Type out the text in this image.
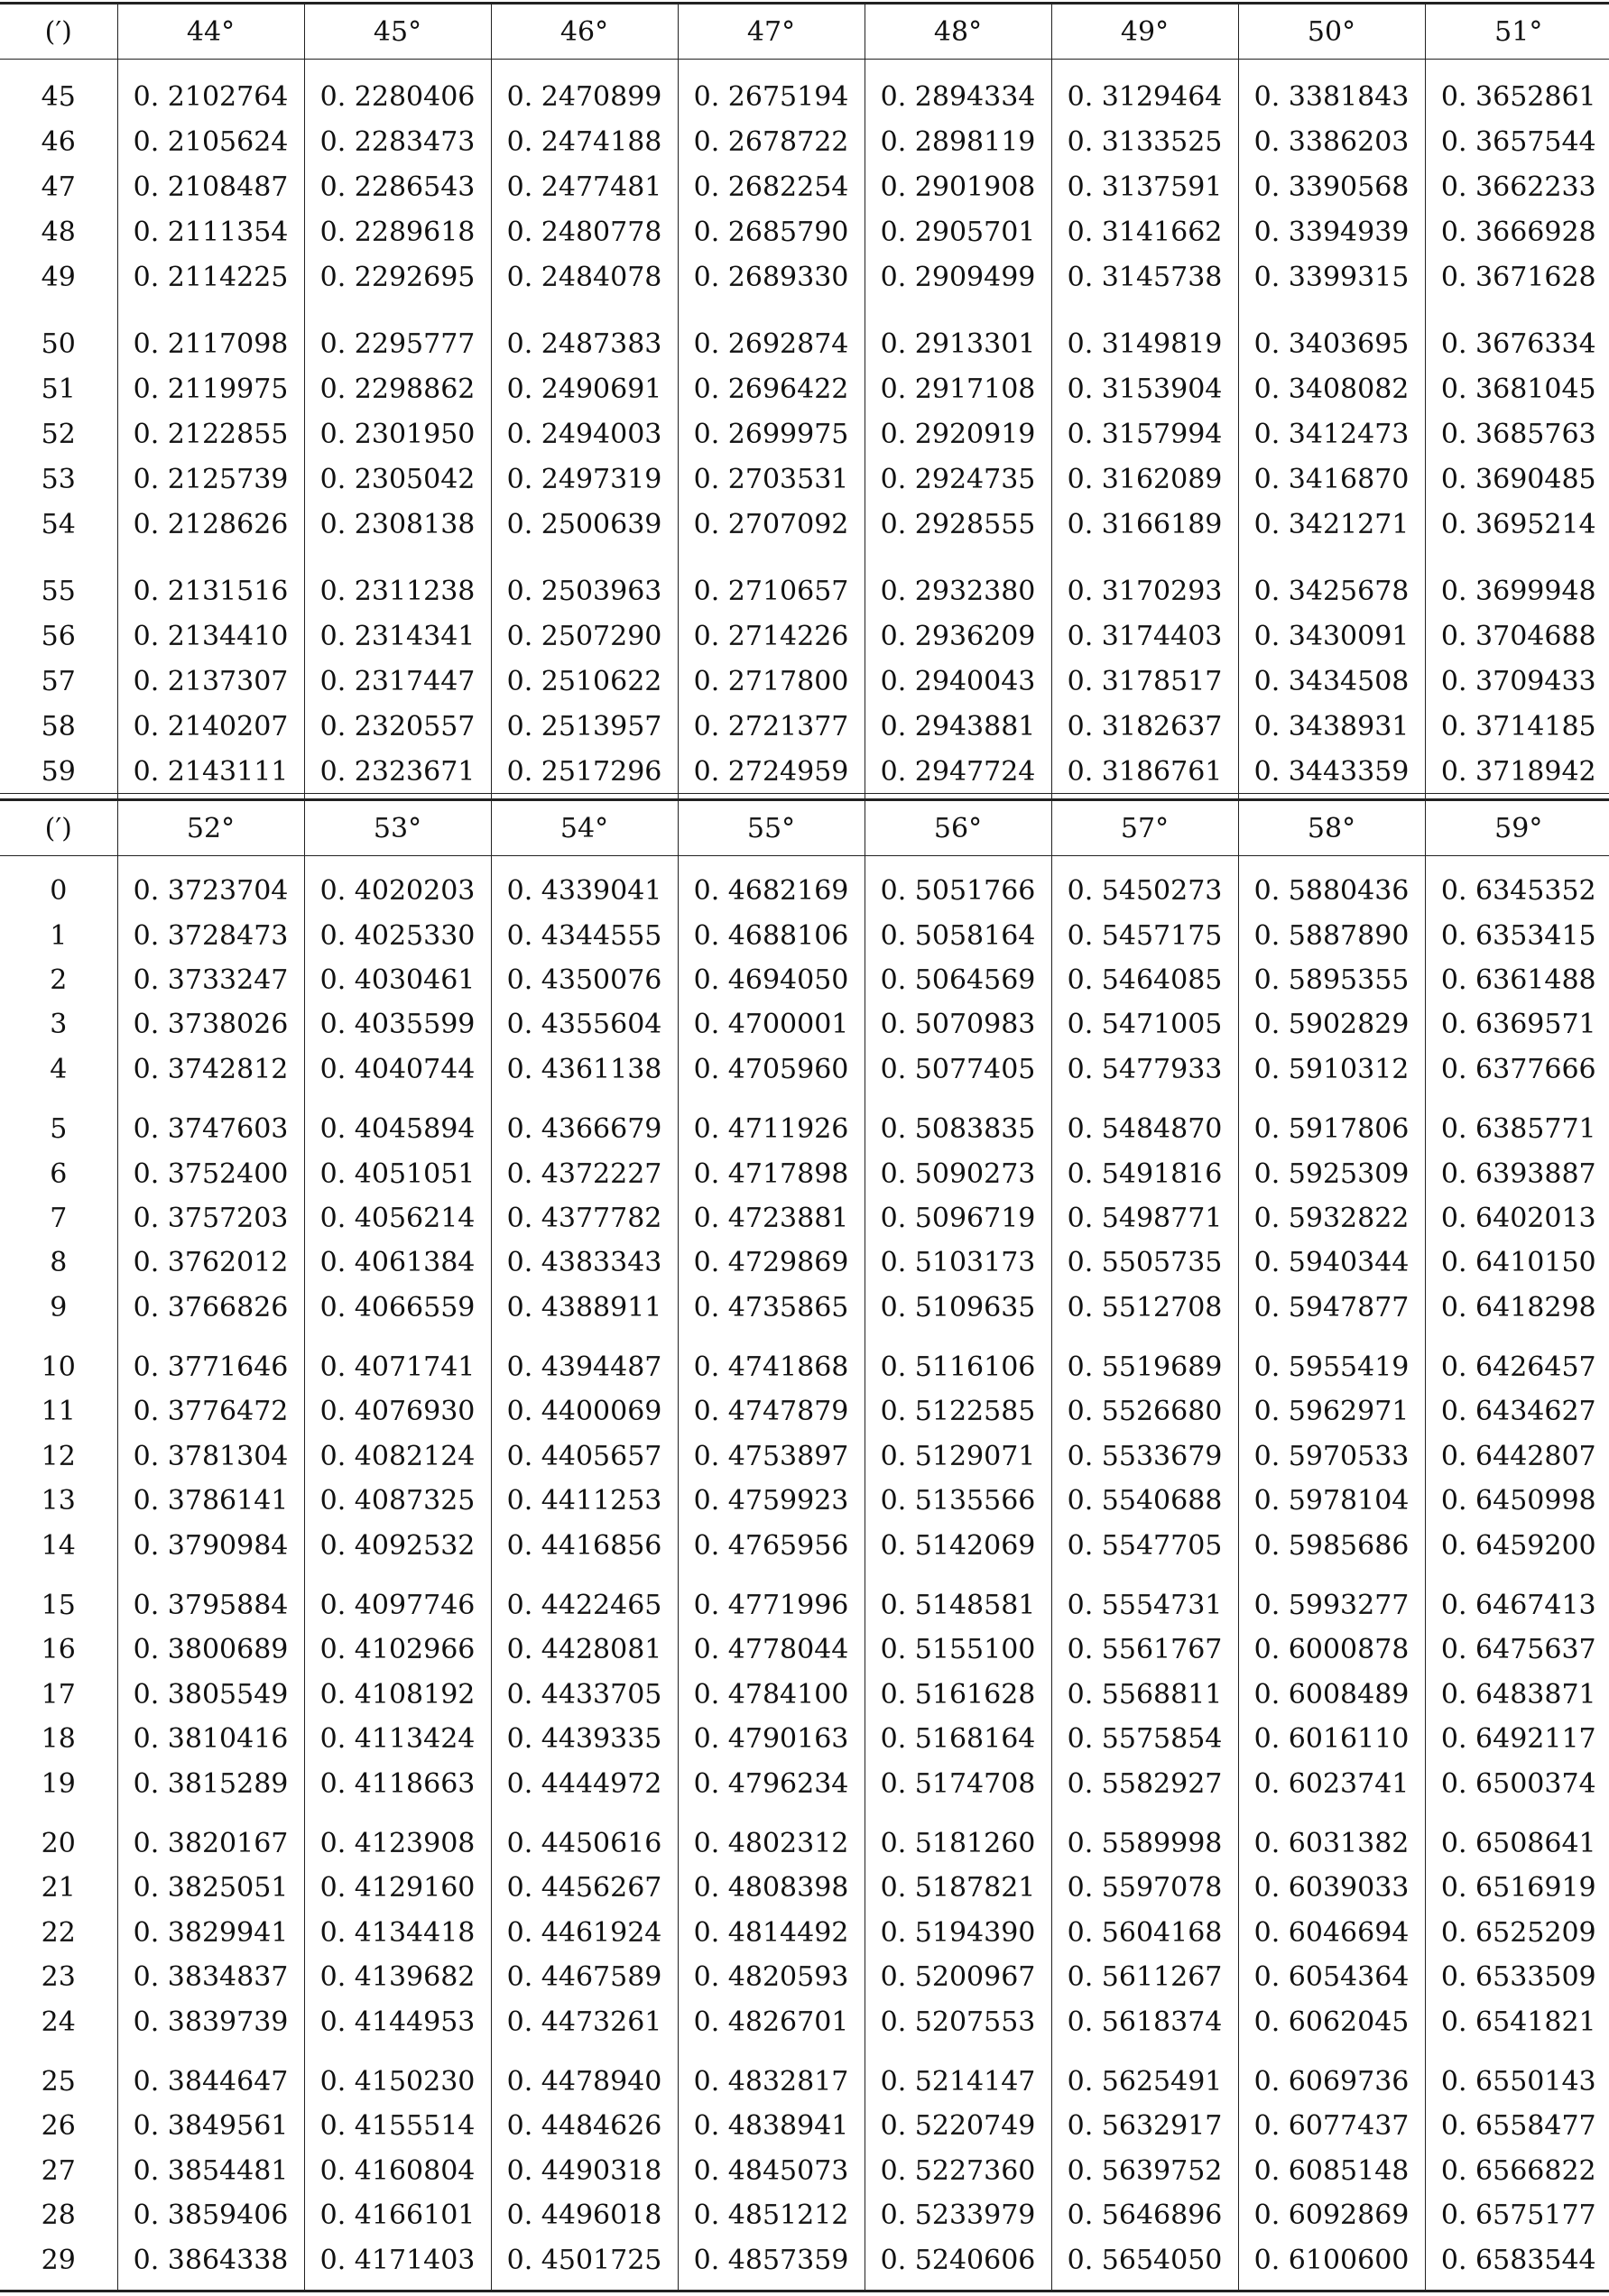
(′)	44°	45°	46°	47°	48°	49°	50°	51°

45	0. 2102764	0. 2280406	0. 2470899	0. 2675194	0. 2894334	0. 3129464	0. 3381843	0. 3652861
46	0. 2105624	0. 2283473	0. 2474188	0. 2678722	0. 2898119	0. 3133525	0. 3386203	0. 3657544
47	0. 2108487	0. 2286543	0. 2477481	0. 2682254	0. 2901908	0. 3137591	0. 3390568	0. 3662233
48	0. 2111354	0. 2289618	0. 2480778	0. 2685790	0. 2905701	0. 3141662	0. 3394939	0. 3666928
49	0. 2114225	0. 2292695	0. 2484078	0. 2689330	0. 2909499	0. 3145738	0. 3399315	0. 3671628

50	0. 2117098	0. 2295777	0. 2487383	0. 2692874	0. 2913301	0. 3149819	0. 3403695	0. 3676334
51	0. 2119975	0. 2298862	0. 2490691	0. 2696422	0. 2917108	0. 3153904	0. 3408082	0. 3681045
52	0. 2122855	0. 2301950	0. 2494003	0. 2699975	0. 2920919	0. 3157994	0. 3412473	0. 3685763
53	0. 2125739	0. 2305042	0. 2497319	0. 2703531	0. 2924735	0. 3162089	0. 3416870	0. 3690485
54	0. 2128626	0. 2308138	0. 2500639	0. 2707092	0. 2928555	0. 3166189	0. 3421271	0. 3695214

55	0. 2131516	0. 2311238	0. 2503963	0. 2710657	0. 2932380	0. 3170293	0. 3425678	0. 3699948
56	0. 2134410	0. 2314341	0. 2507290	0. 2714226	0. 2936209	0. 3174403	0. 3430091	0. 3704688
57	0. 2137307	0. 2317447	0. 2510622	0. 2717800	0. 2940043	0. 3178517	0. 3434508	0. 3709433
58	0. 2140207	0. 2320557	0. 2513957	0. 2721377	0. 2943881	0. 3182637	0. 3438931	0. 3714185
59	0. 2143111	0. 2323671	0. 2517296	0. 2724959	0. 2947724	0. 3186761	0. 3443359	0. 3718942

(′)	52°	53°	54°	55°	56°	57°	58°	59°

0	0. 3723704	0. 4020203	0. 4339041	0. 4682169	0. 5051766	0. 5450273	0. 5880436	0. 6345352
1	0. 3728473	0. 4025330	0. 4344555	0. 4688106	0. 5058164	0. 5457175	0. 5887890	0. 6353415
2	0. 3733247	0. 4030461	0. 4350076	0. 4694050	0. 5064569	0. 5464085	0. 5895355	0. 6361488
3	0. 3738026	0. 4035599	0. 4355604	0. 4700001	0. 5070983	0. 5471005	0. 5902829	0. 6369571
4	0. 3742812	0. 4040744	0. 4361138	0. 4705960	0. 5077405	0. 5477933	0. 5910312	0. 6377666

5	0. 3747603	0. 4045894	0. 4366679	0. 4711926	0. 5083835	0. 5484870	0. 5917806	0. 6385771
6	0. 3752400	0. 4051051	0. 4372227	0. 4717898	0. 5090273	0. 5491816	0. 5925309	0. 6393887
7	0. 3757203	0. 4056214	0. 4377782	0. 4723881	0. 5096719	0. 5498771	0. 5932822	0. 6402013
8	0. 3762012	0. 4061384	0. 4383343	0. 4729869	0. 5103173	0. 5505735	0. 5940344	0. 6410150
9	0. 3766826	0. 4066559	0. 4388911	0. 4735865	0. 5109635	0. 5512708	0. 5947877	0. 6418298

10	0. 3771646	0. 4071741	0. 4394487	0. 4741868	0. 5116106	0. 5519689	0. 5955419	0. 6426457
11	0. 3776472	0. 4076930	0. 4400069	0. 4747879	0. 5122585	0. 5526680	0. 5962971	0. 6434627
12	0. 3781304	0. 4082124	0. 4405657	0. 4753897	0. 5129071	0. 5533679	0. 5970533	0. 6442807
13	0. 3786141	0. 4087325	0. 4411253	0. 4759923	0. 5135566	0. 5540688	0. 5978104	0. 6450998
14	0. 3790984	0. 4092532	0. 4416856	0. 4765956	0. 5142069	0. 5547705	0. 5985686	0. 6459200

15	0. 3795884	0. 4097746	0. 4422465	0. 4771996	0. 5148581	0. 5554731	0. 5993277	0. 6467413
16	0. 3800689	0. 4102966	0. 4428081	0. 4778044	0. 5155100	0. 5561767	0. 6000878	0. 6475637
17	0. 3805549	0. 4108192	0. 4433705	0. 4784100	0. 5161628	0. 5568811	0. 6008489	0. 6483871
18	0. 3810416	0. 4113424	0. 4439335	0. 4790163	0. 5168164	0. 5575854	0. 6016110	0. 6492117
19	0. 3815289	0. 4118663	0. 4444972	0. 4796234	0. 5174708	0. 5582927	0. 6023741	0. 6500374

20	0. 3820167	0. 4123908	0. 4450616	0. 4802312	0. 5181260	0. 5589998	0. 6031382	0. 6508641
21	0. 3825051	0. 4129160	0. 4456267	0. 4808398	0. 5187821	0. 5597078	0. 6039033	0. 6516919
22	0. 3829941	0. 4134418	0. 4461924	0. 4814492	0. 5194390	0. 5604168	0. 6046694	0. 6525209
23	0. 3834837	0. 4139682	0. 4467589	0. 4820593	0. 5200967	0. 5611267	0. 6054364	0. 6533509
24	0. 3839739	0. 4144953	0. 4473261	0. 4826701	0. 5207553	0. 5618374	0. 6062045	0. 6541821

25	0. 3844647	0. 4150230	0. 4478940	0. 4832817	0. 5214147	0. 5625491	0. 6069736	0. 6550143
26	0. 3849561	0. 4155514	0. 4484626	0. 4838941	0. 5220749	0. 5632917	0. 6077437	0. 6558477
27	0. 3854481	0. 4160804	0. 4490318	0. 4845073	0. 5227360	0. 5639752	0. 6085148	0. 6566822
28	0. 3859406	0. 4166101	0. 4496018	0. 4851212	0. 5233979	0. 5646896	0. 6092869	0. 6575177
29	0. 3864338	0. 4171403	0. 4501725	0. 4857359	0. 5240606	0. 5654050	0. 6100600	0. 6583544
